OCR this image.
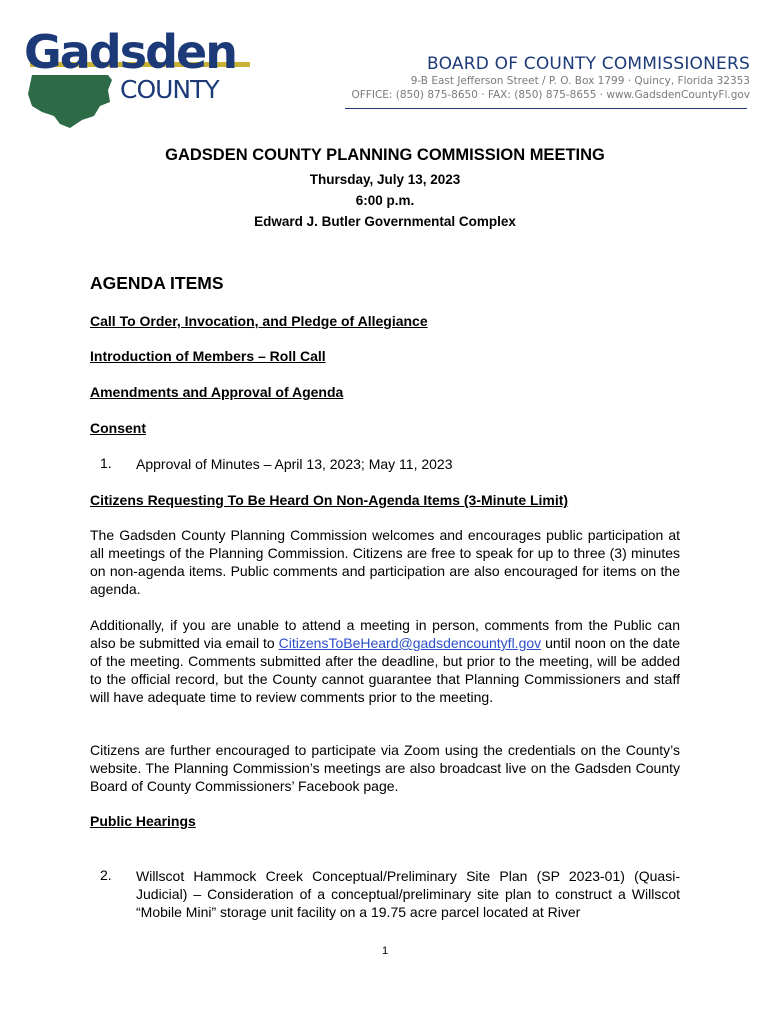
Gadsden
COUNTY
BOARD OF COUNTY COMMISSIONERS
9-B East Jefferson Street / P. O. Box 1799 · Quincy, Florida 32353
OFFICE: (850) 875-8650 · FAX: (850) 875-8655 · www.GadsdenCountyFl.gov
GADSDEN COUNTY PLANNING COMMISSION MEETING
Thursday, July 13, 2023
6:00 p.m.
Edward J. Butler Governmental Complex
AGENDA ITEMS
Call To Order, Invocation, and Pledge of Allegiance
Introduction of Members – Roll Call
Amendments and Approval of Agenda
Consent
1. Approval of Minutes – April 13, 2023; May 11, 2023
Citizens Requesting To Be Heard On Non-Agenda Items (3-Minute Limit)
The Gadsden County Planning Commission welcomes and encourages public participation at all meetings of the Planning Commission. Citizens are free to speak for up to three (3) minutes on non-agenda items. Public comments and participation are also encouraged for items on the agenda.
Additionally, if you are unable to attend a meeting in person, comments from the Public can also be submitted via email to CitizensToBeHeard@gadsdencountyfl.gov until noon on the date of the meeting. Comments submitted after the deadline, but prior to the meeting, will be added to the official record, but the County cannot guarantee that Planning Commissioners and staff will have adequate time to review comments prior to the meeting.
Citizens are further encouraged to participate via Zoom using the credentials on the County’s website. The Planning Commission’s meetings are also broadcast live on the Gadsden County Board of County Commissioners’ Facebook page.
Public Hearings
2. Willscot Hammock Creek Conceptual/Preliminary Site Plan (SP 2023-01) (Quasi-Judicial) – Consideration of a conceptual/preliminary site plan to construct a Willscot “Mobile Mini” storage unit facility on a 19.75 acre parcel located at River
1
